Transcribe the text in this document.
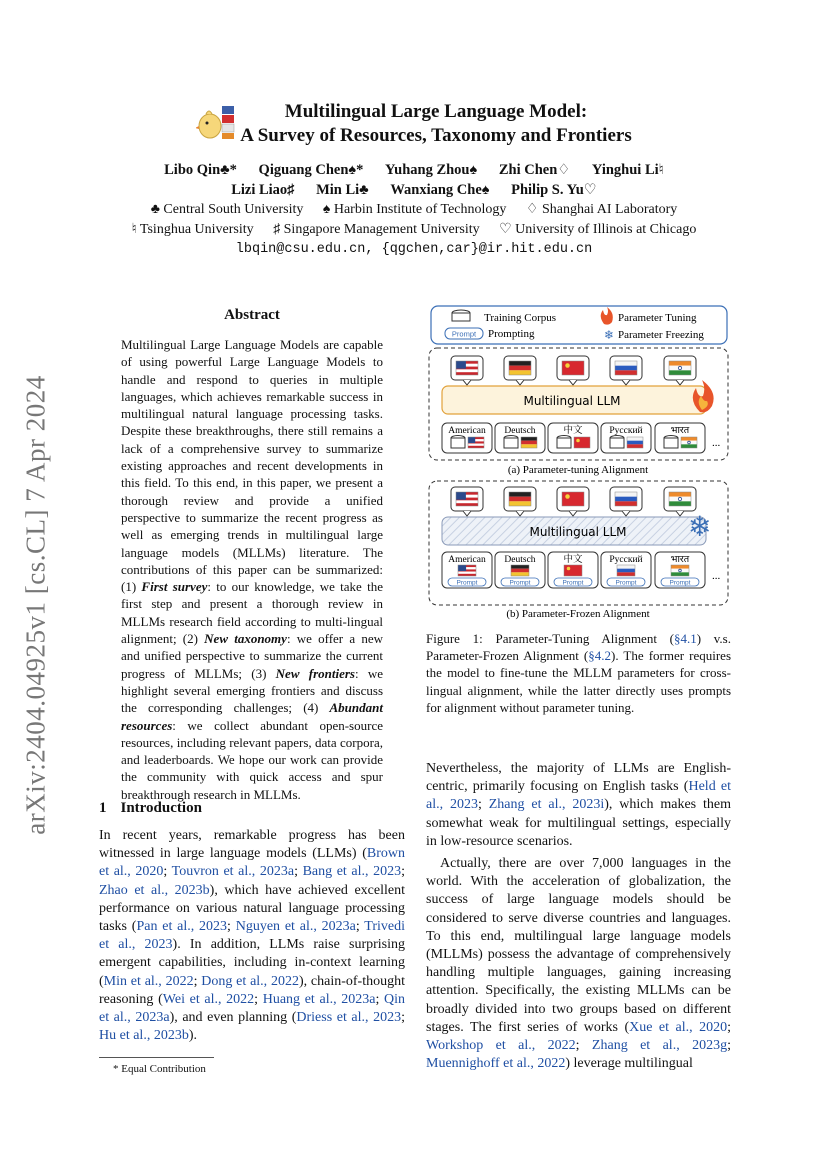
arXiv:2404.04925v1 [cs.CL] 7 Apr 2024
Multilingual Large Language Model:
A Survey of Resources, Taxonomy and Frontiers
Libo Qin♣* Qiguang Chen♠* Yuhang Zhou♠ Zhi Chen♢ Yinghui Li♮
Lizi Liao♯ Min Li♣ Wanxiang Che♠ Philip S. Yu♡
♣ Central South University ♠ Harbin Institute of Technology ♢ Shanghai AI Laboratory
♮ Tsinghua University ♯ Singapore Management University ♡ University of Illinois at Chicago
lbqin@csu.edu.cn, {qgchen,car}@ir.hit.edu.cn
Abstract
Multilingual Large Language Models are capable of using powerful Large Language Models to handle and respond to queries in multiple languages, which achieves remarkable success in multilingual natural language processing tasks. Despite these breakthroughs, there still remains a lack of a comprehensive survey to summarize existing approaches and recent developments in this field. To this end, in this paper, we present a thorough review and provide a unified perspective to summarize the recent progress as well as emerging trends in multilingual large language models (MLLMs) literature. The contributions of this paper can be summarized: (1) First survey: to our knowledge, we take the first step and present a thorough review in MLLMs research field according to multi-lingual alignment; (2) New taxonomy: we offer a new and unified perspective to summarize the current progress of MLLMs; (3) New frontiers: we highlight several emerging frontiers and discuss the corresponding challenges; (4) Abundant resources: we collect abundant open-source resources, including relevant papers, data corpora, and leaderboards. We hope our work can provide the community with quick access and spur breakthrough research in MLLMs.
1 Introduction

In recent years, remarkable progress has been witnessed in large language models (LLMs) (Brown et al., 2020; Touvron et al., 2023a; Bang et al., 2023; Zhao et al., 2023b), which have achieved excellent performance on various natural language processing tasks (Pan et al., 2023; Nguyen et al., 2023a; Trivedi et al., 2023). In addition, LLMs raise surprising emergent capabilities, including in-context learning (Min et al., 2022; Dong et al., 2022), chain-of-thought reasoning (Wei et al., 2022; Huang et al., 2023a; Qin et al., 2023a), and even planning (Driess et al., 2023; Hu et al., 2023b).

* Equal Contribution
Training Corpus
Prompt Prompting
Parameter Tuning
❄ Parameter Freezing
Multilingual LLM
American Deutsch	中文	Русский	भारत
...
(a) Parameter-tuning Alignment
Multilingual LLM ❄
American
Prompt
Deutsch
Prompt
中文
Prompt
Русский
Prompt
भारत
Prompt
...
(b) Parameter-Frozen Alignment
Figure 1: Parameter-Tuning Alignment (§4.1) v.s. Parameter-Frozen Alignment (§4.2). The former requires the model to fine-tune the MLLM parameters for cross-lingual alignment, while the latter directly uses prompts for alignment without parameter tuning.

Nevertheless, the majority of LLMs are English-centric, primarily focusing on English tasks (Held et al., 2023; Zhang et al., 2023i), which makes them somewhat weak for multilingual settings, especially in low-resource scenarios.

Actually, there are over 7,000 languages in the world. With the acceleration of globalization, the success of large language models should be considered to serve diverse countries and languages. To this end, multilingual large language models (MLLMs) possess the advantage of comprehensively handling multiple languages, gaining increasing attention. Specifically, the existing MLLMs can be broadly divided into two groups based on different stages. The first series of works (Xue et al., 2020; Workshop et al., 2022; Zhang et al., 2023g; Muennighoff et al., 2022) leverage multilingual
